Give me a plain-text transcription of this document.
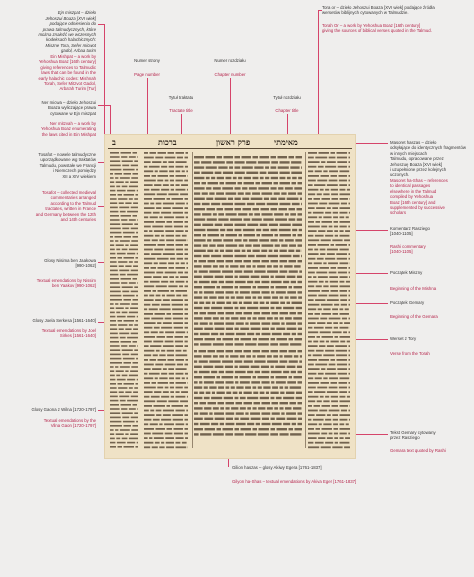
Ejn miszpat – dzieło
Jehoszui Boaza [XVI wiek]
podające odniesienia do
prawa talmudycznych, które
można znaleźć we wczesnych
kodeksach halachicznych:
Miszne Tora, Sefer micwot
gadol, Arbaa turim

Ein Mishpat – a work by
Yehoshua Boaz [16th century]
giving references to Talmudic
laws that can be found in the
early halachic codes: Mishnah
Torah, Sefer Mitzvot Gadol,
Arba'ah Turim [Tur]
Ner micwa – dzieło Jehoszui
Boaza wyliczające prawa
cytowane w Ejn miszpat
Ner mitzvah – a work by
Yehoshua Boaz enumerating
the laws cited in Ein Mishpat
Tosafot – nowele talmudyczne
uporządkowane wg traktatów
Talmudu, powstałe we Francji
i Niemczech pomiędzy
XII a XIV wiekiem
Tosafot – collected medieval
commentaries arranged
according to the Talmud
tractates, written in France
and Germany between the 12th
and 14th centuries
Glosy Nisima ben Jaakowa
[990-1062]
Textual emendations by Nissim
ben Yaakov [990-1062]
Glosy Joela Serkesa [1561-1640]
Textual emendations by Joel
Sirkes [1561-1640]
Glosy Gaona z Wilna [1720-1797]
Textual emendations by the
Vilna Gaon [1720-1797]
Numer strony
Page number
Numer rozdziału
Chapter number
Tytuł traktatu
Tractate title
Tytuł rozdziału
Chapter title
Tora or – dzieło Jehoszui Boaza [XVI wiek] podające źródła
wersetów biblijnych cytowanych w Talmudzie.
Torah Or – a work by Yehoshua Boaz [16th century]
giving the sources of biblical verses quoted in the Talmud.
Masoret haszas – dzieło
odsyłające do identycznych fragmentów
w innych miejscach
Talmudu, opracowane przez
Jehoszuę Boaza [XVI wiek]
i uzupełnione przez kolejnych
uczonych.
Masoret ha-Shas – references
to identical passages
elsewhere in the Talmud
compiled by Yehoshua
Boaz [16th century] and
supplemented by successive
scholars
Komentarz Rasziego
[1040-1105]
Rashi commentary
[1040-1105]
Początek Miszny
Beginning of the Mishna
Początek Gemary
Beginning of the Gemara
Werset z Tory
Verse from the Torah
Tekst Gemary cytowany
przez Rasziego
Gemara text quoted by Rashi
Gilion haszas – glosy Akiwy Egera [1761-1837]
Gilyon ha-Shas – textual emendations by Akiva Eger [1761-1837]
ב	ברכות	פרק ראשון	מאימתי
